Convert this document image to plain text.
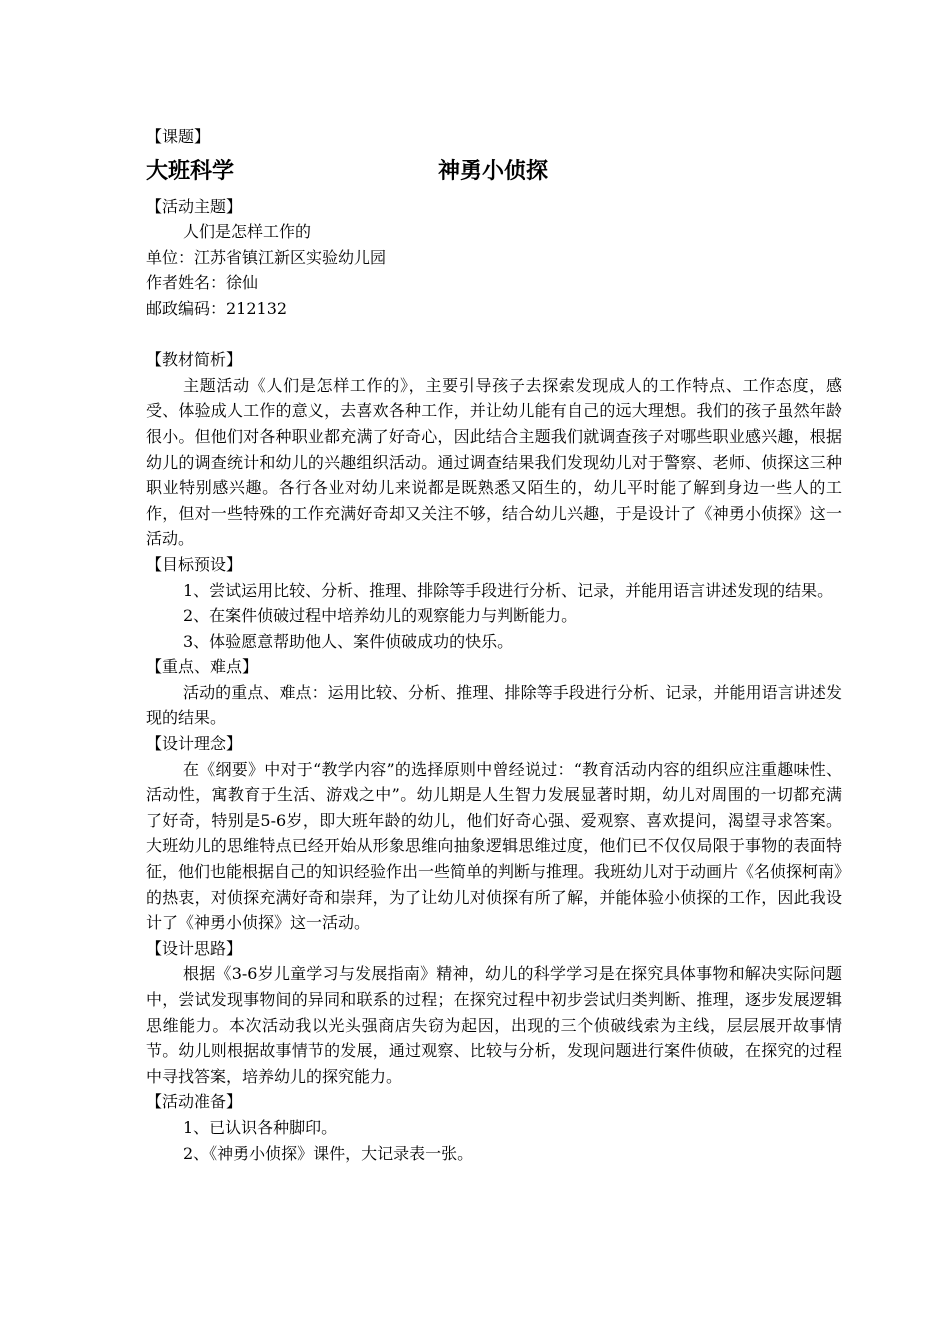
【课题】
大班科学	神勇小侦探
【活动主题】
人们是怎样工作的
单位：江苏省镇江新区实验幼儿园
作者姓名：徐仙
邮政编码：212132
【教材简析】
主题活动《人们是怎样工作的》，主要引导孩子去探索发现成人的工作特点、工作态度，感受、体验成人工作的意义，去喜欢各种工作，并让幼儿能有自己的远大理想。我们的孩子虽然年龄很小。但他们对各种职业都充满了好奇心，因此结合主题我们就调查孩子对哪些职业感兴趣，根据幼儿的调查统计和幼儿的兴趣组织活动。通过调查结果我们发现幼儿对于警察、老师、侦探这三种职业特别感兴趣。各行各业对幼儿来说都是既熟悉又陌生的，幼儿平时能了解到身边一些人的工作，但对一些特殊的工作充满好奇却又关注不够，结合幼儿兴趣，于是设计了《神勇小侦探》这一活动。
【目标预设】
1、尝试运用比较、分析、推理、排除等手段进行分析、记录，并能用语言讲述发现的结果。
2、在案件侦破过程中培养幼儿的观察能力与判断能力。
3、体验愿意帮助他人、案件侦破成功的快乐。
【重点、难点】
活动的重点、难点：运用比较、分析、推理、排除等手段进行分析、记录，并能用语言讲述发现的结果。
【设计理念】
在《纲要》中对于“教学内容”的选择原则中曾经说过：“教育活动内容的组织应注重趣味性、活动性，寓教育于生活、游戏之中”。幼儿期是人生智力发展显著时期，幼儿对周围的一切都充满了好奇，特别是5-6岁，即大班年龄的幼儿，他们好奇心强、爱观察、喜欢提问，渴望寻求答案。大班幼儿的思维特点已经开始从形象思维向抽象逻辑思维过度，他们已不仅仅局限于事物的表面特征，他们也能根据自己的知识经验作出一些简单的判断与推理。我班幼儿对于动画片《名侦探柯南》的热衷，对侦探充满好奇和崇拜，为了让幼儿对侦探有所了解，并能体验小侦探的工作，因此我设计了《神勇小侦探》这一活动。
【设计思路】
根据《3-6岁儿童学习与发展指南》精神，幼儿的科学学习是在探究具体事物和解决实际问题中，尝试发现事物间的异同和联系的过程；在探究过程中初步尝试归类判断、推理，逐步发展逻辑思维能力。本次活动我以光头强商店失窃为起因，出现的三个侦破线索为主线，层层展开故事情节。幼儿则根据故事情节的发展，通过观察、比较与分析，发现问题进行案件侦破，在探究的过程中寻找答案，培养幼儿的探究能力。
【活动准备】
1、已认识各种脚印。
2、《神勇小侦探》课件，大记录表一张。
